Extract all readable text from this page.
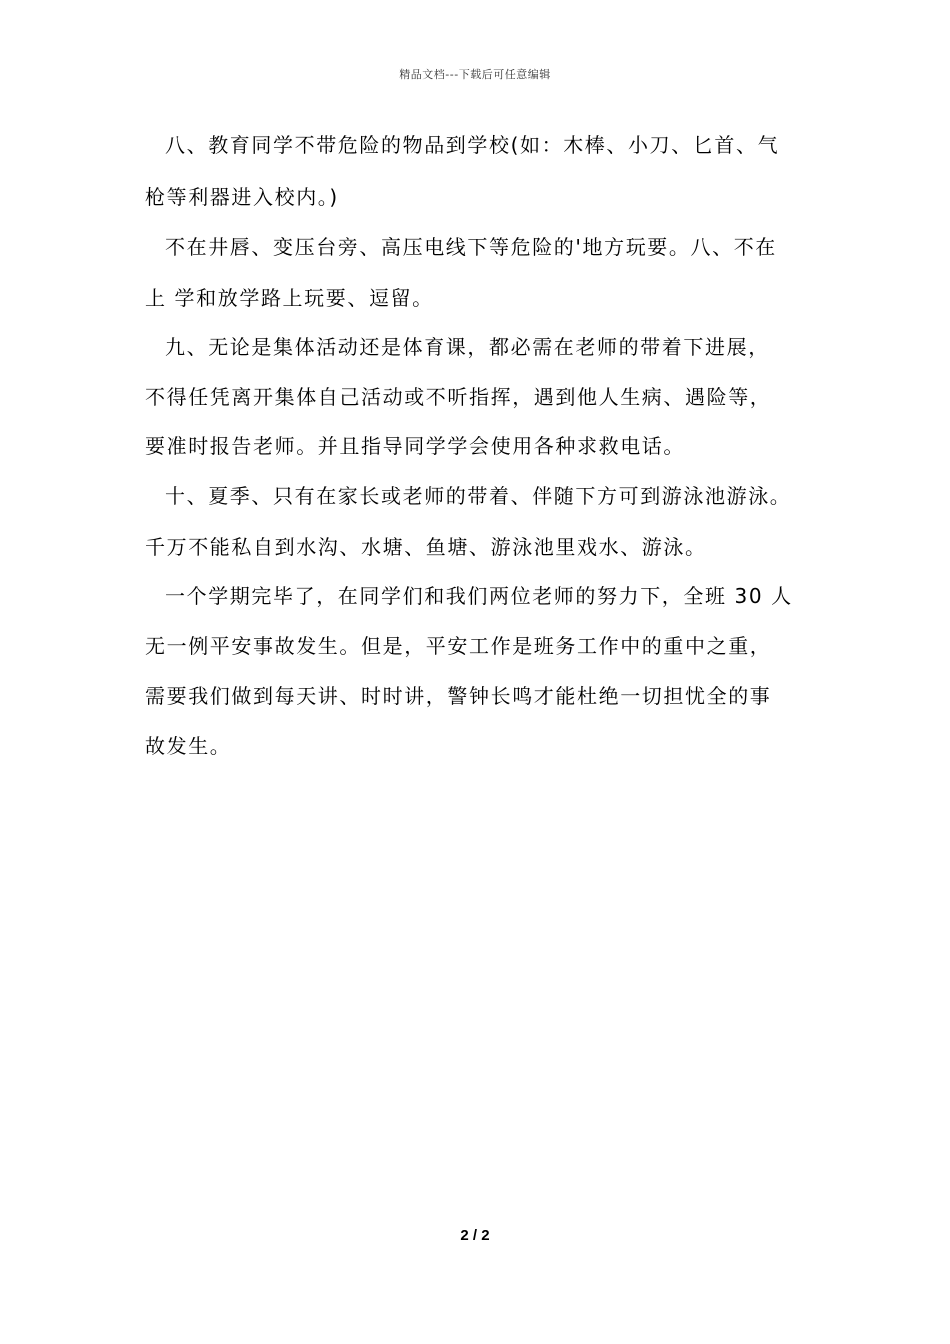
精品文档---下载后可任意编辑
八、教育同学不带危险的物品到学校(如：木棒、小刀、匕首、气
枪等利器进入校内。)
不在井唇、变压台旁、高压电线下等危险的'地方玩要。八、不在
上 学和放学路上玩要、逗留。
九、无论是集体活动还是体育课，都必需在老师的带着下进展，
不得任凭离开集体自己活动或不听指挥，遇到他人生病、遇险等，
要准时报告老师。并且指导同学学会使用各种求救电话。
十、夏季、只有在家长或老师的带着、伴随下方可到游泳池游泳。
千万不能私自到水沟、水塘、鱼塘、游泳池里戏水、游泳。
一个学期完毕了，在同学们和我们两位老师的努力下，全班 30 人
无一例平安事故发生。但是，平安工作是班务工作中的重中之重，
需要我们做到每天讲、时时讲，警钟长鸣才能杜绝一切担忧全的事
故发生。
2 / 2
